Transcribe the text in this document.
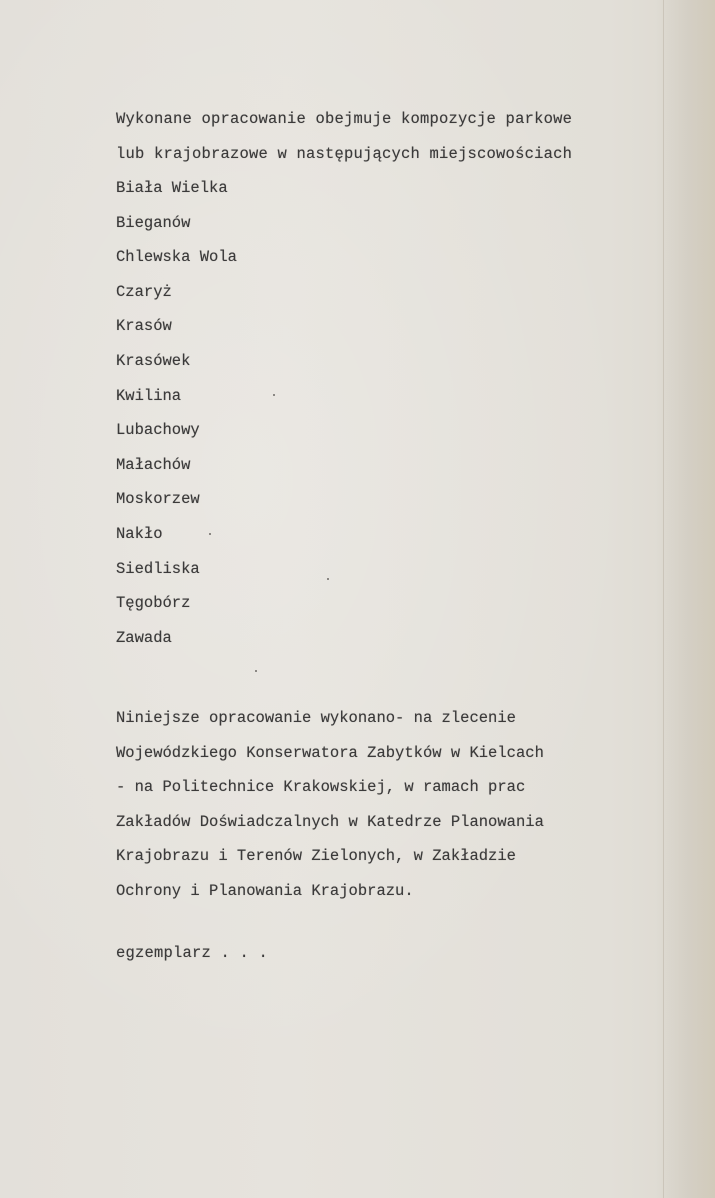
Wykonane opracowanie obejmuje kompozycje parkowe
lub krajobrazowe w następujących miejscowościach
Biała Wielka
Bieganów
Chlewska Wola
Czaryż
Krasów
Krasówek
Kwilina
Lubachowy
Małachów
Moskorzew
Nakło
Siedliska
Tęgobórz
Zawada
Niniejsze opracowanie wykonano- na zlecenie
Wojewódzkiego Konserwatora Zabytków w Kielcach
- na Politechnice Krakowskiej, w ramach prac
Zakładów Doświadczalnych w Katedrze Planowania
Krajobrazu i Terenów Zielonych, w Zakładzie
Ochrony i Planowania Krajobrazu.
egzemplarz . . .
